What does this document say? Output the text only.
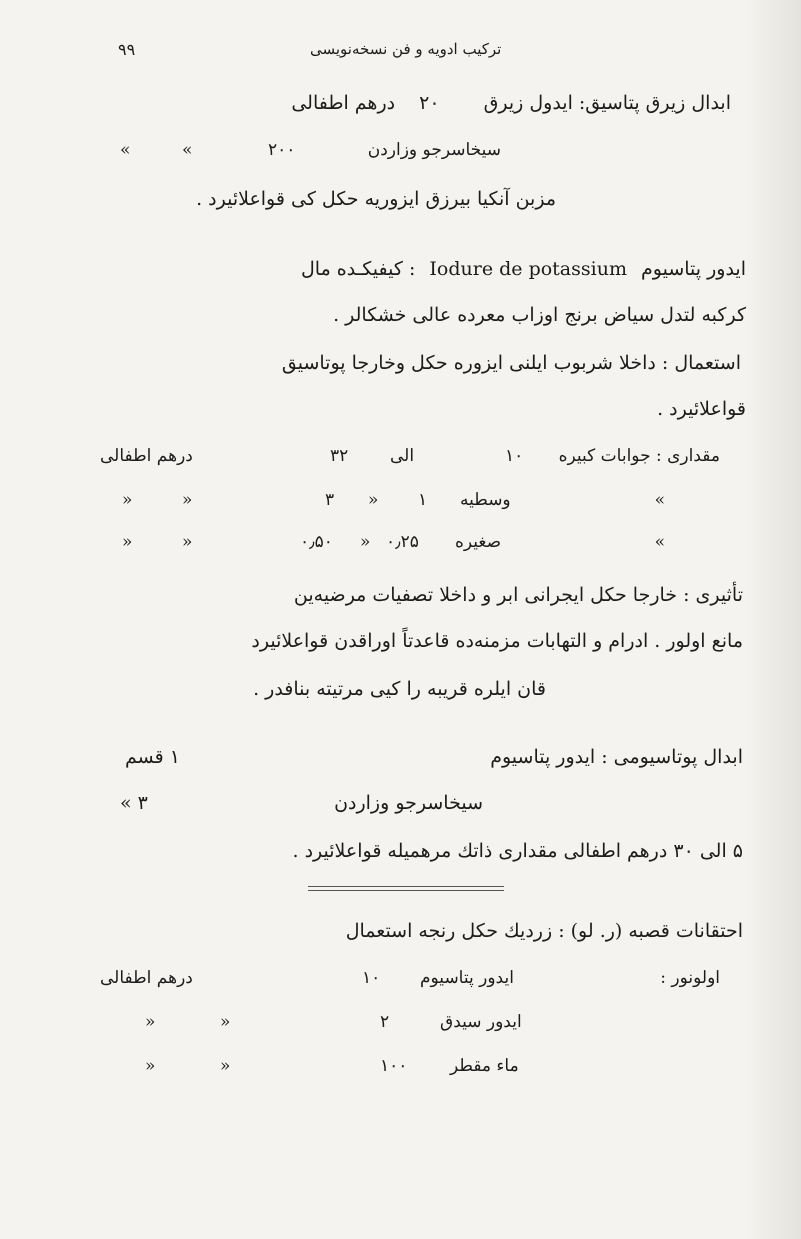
۹۹	ترکیب ادویه و فن نسخه‌نویسی
ابدال زیرق پتاسیق: ایدول زیرق ۲۰ درهم اطفالی
سیخاسرجو وزاردن
۲۰۰
»
»
مزبن آنكیا بیرزق ایزوریه حكل کی قواعلائیرد .
ایدور پتاسیوم Iodure de potassium : كیفیكـده مال
كركبه لتدل سیاض برنج اوزاب معرده عالی خشكالر .
استعمال : داخلا شربوب ایلنی ایزوره حكل وخارجا پوتاسیق
قواعلائیرد .
مقداری : جوابات كبیره
۱۰
الی
۳۲
درهم اطفالی
»
وسطیه
۱
»
۳
»
»
»
صغیره
۰٫۲۵
»
۰٫۵۰
»
»
تأثیری : خارجا حكل ایجرانی ابر و داخلا تصفیات مرضیه‌ین
مانع اولور . ادرام و التهابات مزمنه‌ده قاعدتاً اوراقدن قواعلائیرد
قان ایلره قریبه را كیی مرتیته بنافدر .
ابدال پوتاسیومی : ایدور پتاسیوم
۱ قسم
سیخاسرجو وزاردن
۳ »
۵ الی ۳۰ درهم اطفالی مقداری ذاتك مرهمیله قواعلائیرد .
احتقانات قصبه (ر. لو) : زردیك حكل رنجه استعمال
اولونور :
ایدور پتاسیوم
۱۰
درهم اطفالی
ایدور سیدق
۲
»
»
ماء مقطر
۱۰۰
»
»
